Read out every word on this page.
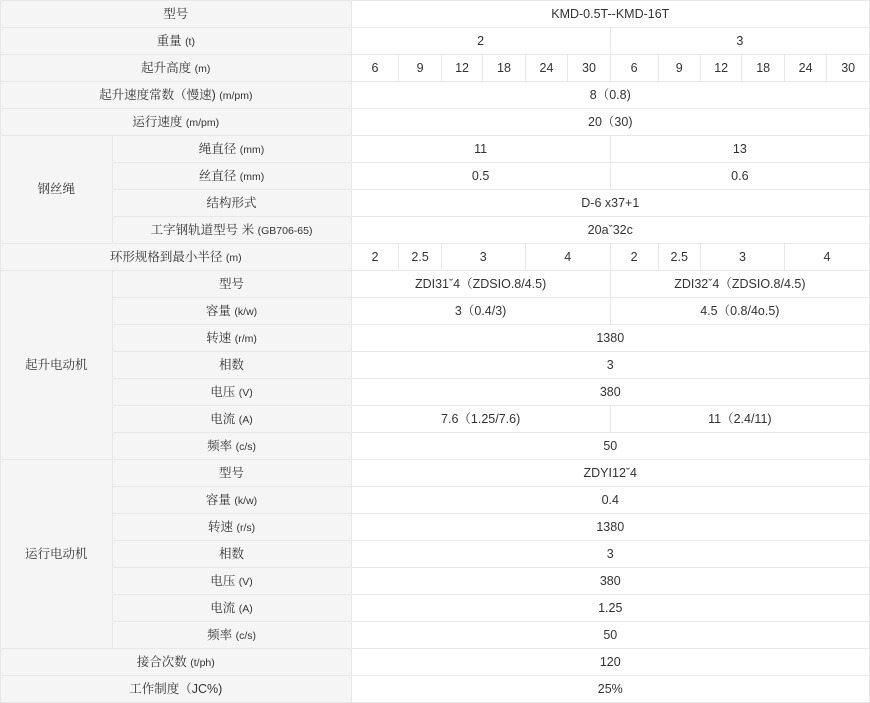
型号		KMD-0.5T--KMD-16T											
重量 (t)		2						3					
起升高度 (m)		6	9	12	18	24	30	6	9	12	18	24	30
起升速度常数（慢速) (m/pm)		8（0.8)											
运行速度 (m/pm)		20（30)											
钢丝绳	绳直径 (mm)	11						13					
	丝直径 (mm)	0.5						0.6					
	结构形式	D-6 x37+1											
	工字钢轨道型号 米 (GB706-65)	20aˇ32c											
环形规格到最小半径 (m)		2	2.5	3		4		2	2.5	3		4	
起升电动机	型号	ZDI31ˇ4（ZDSIO.8/4.5)						ZDI32ˇ4（ZDSIO.8/4.5)					
	容量 (k/w)	3（0.4/3)						4.5（0.8/4o.5)					
	转速 (r/m)	1380											
	相数	3											
	电压 (V)	380											
	电流 (A)	7.6（1.25/7.6)						11（2.4/11)					
	频率 (c/s)	50											
运行电动机	型号	ZDYI12ˇ4											
	容量 (k/w)	0.4											
	转速 (r/s)	1380											
	相数	3											
	电压 (V)	380											
	电流 (A)	1.25											
	频率 (c/s)	50											
接合次数 (t/ph)		120											
工作制度（JC%)		25%											
